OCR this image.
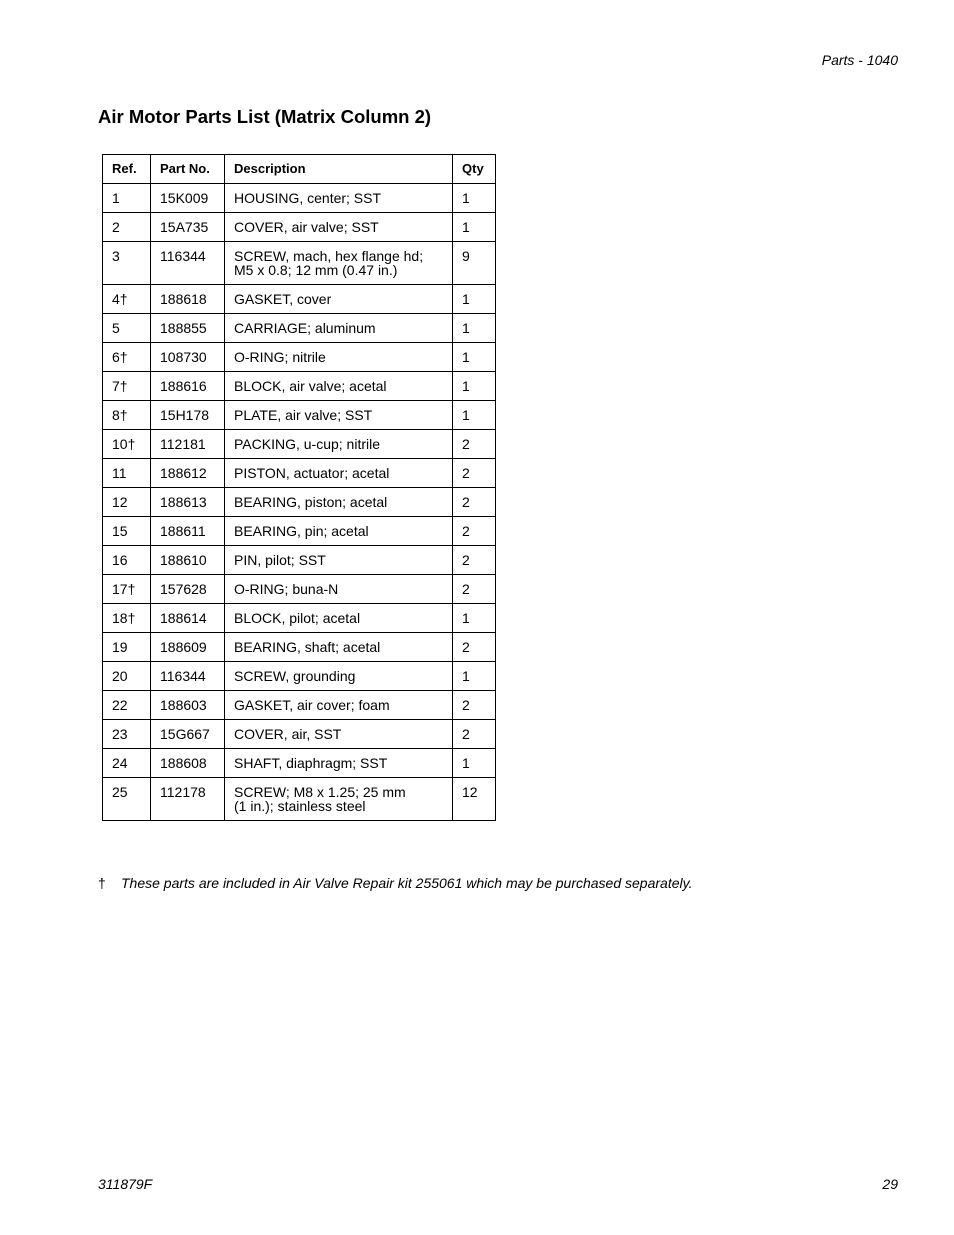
Parts - 1040
Air Motor Parts List (Matrix Column 2)
Ref.	Part No.	Description	Qty
1	15K009	HOUSING, center; SST	1
2	15A735	COVER, air valve; SST	1
3	116344	SCREW, mach, hex flange hd;
M5 x 0.8; 12 mm (0.47 in.)	9
4†	188618	GASKET, cover	1
5	188855	CARRIAGE; aluminum	1
6†	108730	O-RING; nitrile	1
7†	188616	BLOCK, air valve; acetal	1
8†	15H178	PLATE, air valve; SST	1
10†	112181	PACKING, u-cup; nitrile	2
11	188612	PISTON, actuator; acetal	2
12	188613	BEARING, piston; acetal	2
15	188611	BEARING, pin; acetal	2
16	188610	PIN, pilot; SST	2
17†	157628	O-RING; buna-N	2
18†	188614	BLOCK, pilot; acetal	1
19	188609	BEARING, shaft; acetal	2
20	116344	SCREW, grounding	1
22	188603	GASKET, air cover; foam	2
23	15G667	COVER, air, SST	2
24	188608	SHAFT, diaphragm; SST	1
25	112178	SCREW; M8 x 1.25; 25 mm
(1 in.); stainless steel	12
† These parts are included in Air Valve Repair kit 255061 which may be purchased separately.
311879F	29
